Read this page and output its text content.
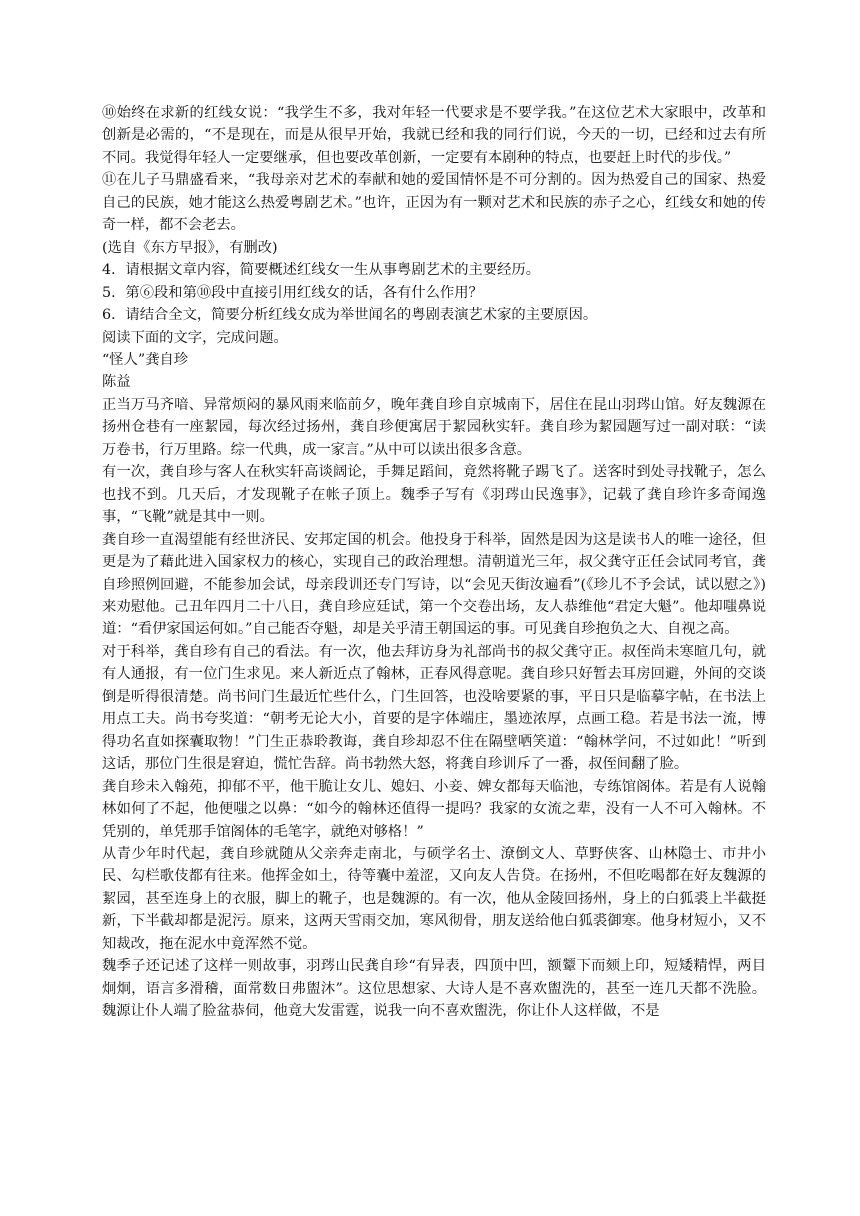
⑩始终在求新的红线女说：“我学生不多，我对年轻一代要求是不要学我。”在这位艺术大家眼中，改革和创新是必需的，“不是现在，而是从很早开始，我就已经和我的同行们说，今天的一切，已经和过去有所不同。我觉得年轻人一定要继承，但也要改革创新，一定要有本剧种的特点，也要赶上时代的步伐。”

⑪在儿子马鼎盛看来，“我母亲对艺术的奉献和她的爱国情怀是不可分割的。因为热爱自己的国家、热爱自己的民族，她才能这么热爱粤剧艺术。”也许，正因为有一颗对艺术和民族的赤子之心，红线女和她的传奇一样，都不会老去。

(选自《东方早报》，有删改)

4．请根据文章内容，简要概述红线女一生从事粤剧艺术的主要经历。

5．第⑥段和第⑩段中直接引用红线女的话，各有什么作用？

6．请结合全文，简要分析红线女成为举世闻名的粤剧表演艺术家的主要原因。

阅读下面的文字，完成问题。

“怪人”龚自珍

陈益

正当万马齐喑、异常烦闷的暴风雨来临前夕，晚年龚自珍自京城南下，居住在昆山羽琌山馆。好友魏源在扬州仓巷有一座絜园，每次经过扬州，龚自珍便寓居于絜园秋实轩。龚自珍为絜园题写过一副对联：“读万卷书，行万里路。综一代典，成一家言。”从中可以读出很多含意。

有一次，龚自珍与客人在秋实轩高谈阔论，手舞足蹈间，竟然将靴子踢飞了。送客时到处寻找靴子，怎么也找不到。几天后，才发现靴子在帐子顶上。魏季子写有《羽琌山民逸事》，记载了龚自珍许多奇闻逸事，“飞靴”就是其中一则。

龚自珍一直渴望能有经世济民、安邦定国的机会。他投身于科举，固然是因为这是读书人的唯一途径，但更是为了藉此进入国家权力的核心，实现自己的政治理想。清朝道光三年，叔父龚守正任会试同考官，龚自珍照例回避，不能参加会试，母亲段训还专门写诗，以“会见天街汝遍看”(《珍儿不予会试，试以慰之》)来劝慰他。己丑年四月二十八日，龚自珍应廷试，第一个交卷出场，友人恭维他“君定大魁”。他却嗤鼻说道：“看伊家国运何如。”自己能否夺魁，却是关乎清王朝国运的事。可见龚自珍抱负之大、自视之高。

对于科举，龚自珍有自己的看法。有一次，他去拜访身为礼部尚书的叔父龚守正。叔侄尚未寒暄几句，就有人通报，有一位门生求见。来人新近点了翰林，正春风得意呢。龚自珍只好暂去耳房回避，外间的交谈倒是听得很清楚。尚书问门生最近忙些什么，门生回答，也没啥要紧的事，平日只是临摹字帖，在书法上用点工夫。尚书夸奖道：“朝考无论大小，首要的是字体端庄，墨迹浓厚，点画工稳。若是书法一流，博得功名直如探囊取物！”门生正恭聆教诲，龚自珍却忍不住在隔壁哂笑道：“翰林学问，不过如此！”听到这话，那位门生很是窘迫，慌忙告辞。尚书勃然大怒，将龚自珍训斥了一番，叔侄间翻了脸。

龚自珍未入翰苑，抑郁不平，他干脆让女儿、媳妇、小妾、婢女都每天临池，专练馆阁体。若是有人说翰林如何了不起，他便嗤之以鼻：“如今的翰林还值得一提吗？我家的女流之辈，没有一人不可入翰林。不凭别的，单凭那手馆阁体的毛笔字，就绝对够格！”

从青少年时代起，龚自珍就随从父亲奔走南北，与硕学名士、潦倒文人、草野侠客、山林隐士、市井小民、勾栏歌伎都有往来。他挥金如土，待等囊中羞涩，又向友人告贷。在扬州，不但吃喝都在好友魏源的絜园，甚至连身上的衣服，脚上的靴子，也是魏源的。有一次，他从金陵回扬州，身上的白狐裘上半截挺新，下半截却都是泥污。原来，这两天雪雨交加，寒风彻骨，朋友送给他白狐裘御寒。他身材短小，又不知裁改，拖在泥水中竟浑然不觉。

魏季子还记述了这样一则故事，羽琌山民龚自珍“有异表，四顶中凹，额颦下而颏上印，短矮精悍，两目炯炯，语言多滑稽，面常数日弗盥沐”。这位思想家、大诗人是不喜欢盥洗的，甚至一连几天都不洗脸。魏源让仆人端了脸盆恭伺，他竟大发雷霆，说我一向不喜欢盥洗，你让仆人这样做，不是
